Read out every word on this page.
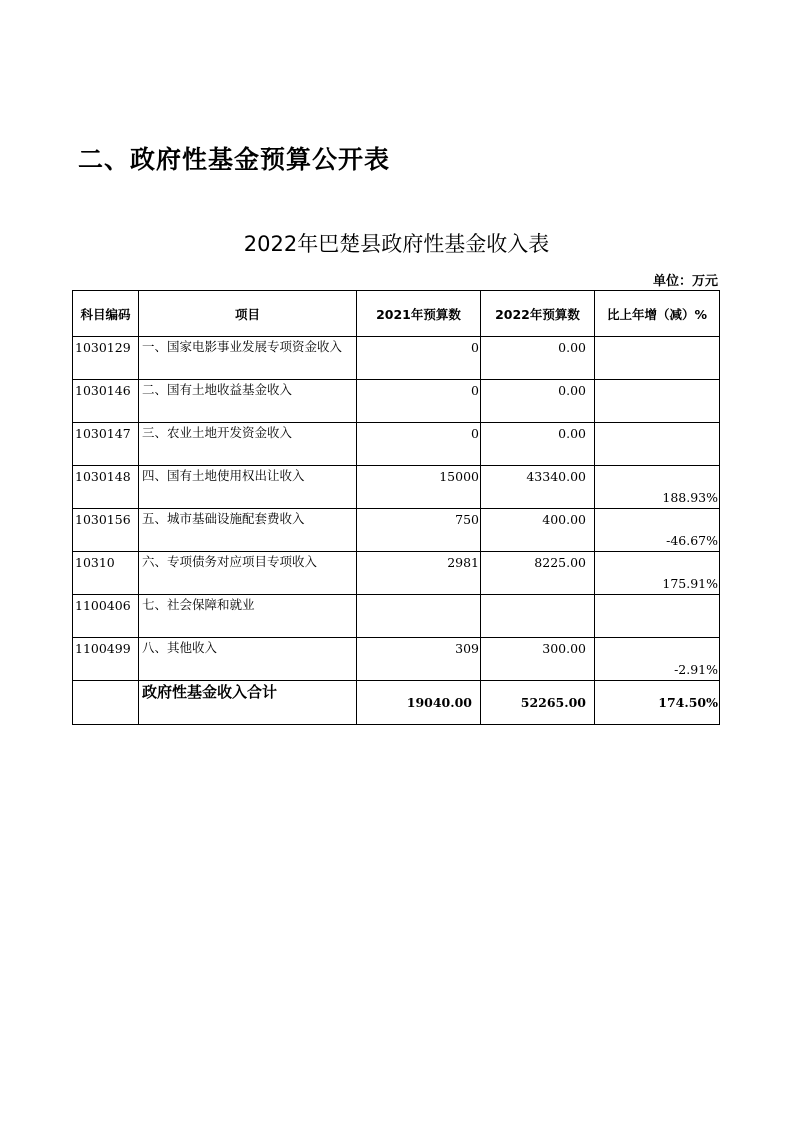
二、政府性基金预算公开表
2022年巴楚县政府性基金收入表
单位：万元
科目编码	项目	2021年预算数	2022年预算数	比上年增（减）%
1030129	一、国家电影事业发展专项资金收入	0	0.00	
1030146	二、国有土地收益基金收入	0	0.00	
1030147	三、农业土地开发资金收入	0	0.00	
1030148	四、国有土地使用权出让收入	15000	43340.00	188.93%
1030156	五、城市基础设施配套费收入	750	400.00	-46.67%
10310	六、专项债务对应项目专项收入	2981	8225.00	175.91%
1100406	七、社会保障和就业			
1100499	八、其他收入	309	300.00	-2.91%
	政府性基金收入合计	19040.00	52265.00	174.50%
